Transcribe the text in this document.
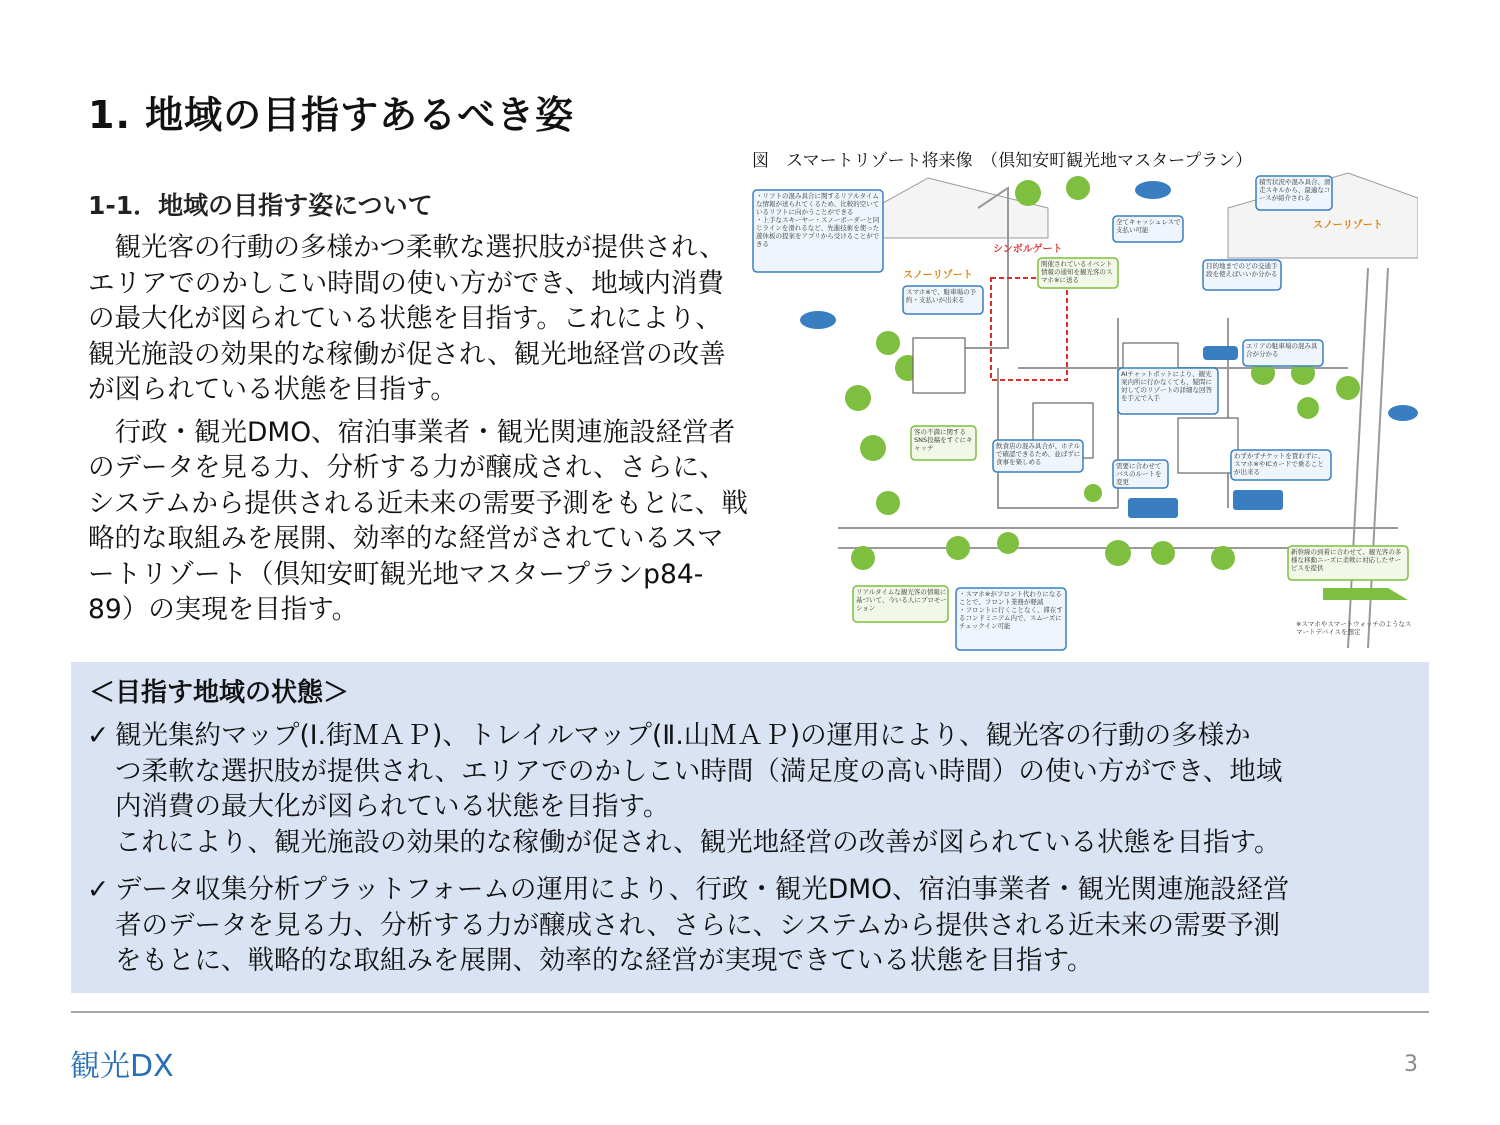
1. 地域の目指すあるべき姿
1-1．地域の目指す姿について

観光客の行動の多様かつ柔軟な選択肢が提供され、エリアでのかしこい時間の使い方ができ、地域内消費の最大化が図られている状態を目指す。これにより、観光施設の効果的な稼働が促され、観光地経営の改善が図られている状態を目指す。

行政・観光DMO、宿泊事業者・観光関連施設経営者のデータを見る力、分析する力が醸成され、さらに、システムから提供される近未来の需要予測をもとに、戦略的な取組みを展開、効率的な経営がされているスマートリゾート（倶知安町観光地マスタープランp84-89）の実現を目指す。

図　スマートリゾート将来像　（倶知安町観光地マスタープラン）
スノーリゾート
スノーリゾート
シンボルゲート
・リフトの混み具合に関するリアルタイムな情報が送られてくるため、比較的空いているリフトに向かうことができる
・上手なスキーヤー・スノーボーダーと同じラインを滑れるなど、先進技術を使った遊休板の提案をアプリから受けることができる
全てキャッシュレスで支払い可能
積雪状況や混み具合、滑走スキルから、最適なコースが紹介される
開催されているイベント情報の通知を観光客のスマホ※に送る
スマホ※で、駐車場の予約・支払いが出来る
目的地までのどの交通手段を使えばいいか分かる
エリアの駐車場の混み具合が分かる
AIチャットボットにより、観光案内所に行かなくても、疑問に対してのリゾートの詳細な回答を手元で入手
客の不満に関するSNS投稿をすぐにキャッチ	飲食店の混み具合が、ホテルで確認できるため、並ばずに食事を楽しめる	需要に合わせてバスのルートを変更
わずかずチケットを買わずに、スマホ※やICカードで乗ることが出来る
リアルタイムな観光客の情報に基づいて、今いる人にプロモーション
・スマホ※がフロント代わりになることで、フロント業務が軽減
・フロントに行くことなく、滞在するコンドミニアム内で、スムーズにチェックイン可能
新幹線の到着に合わせて、観光客の多様な移動ニーズに柔軟に対応したサービスを提供
※スマホやスマートウォッチのようなスマートデバイスを想定
＜目指す地域の状態＞
✓ 観光集約マップ(Ⅰ.街ＭＡＰ)、トレイルマップ(Ⅱ.山ＭＡＰ)の運用により、観光客の行動の多様か
つ柔軟な選択肢が提供され、エリアでのかしこい時間（満足度の高い時間）の使い方ができ、地域
内消費の最大化が図られている状態を目指す。
これにより、観光施設の効果的な稼働が促され、観光地経営の改善が図られている状態を目指す。
✓ データ収集分析プラットフォームの運用により、行政・観光DMO、宿泊事業者・観光関連施設経営
者のデータを見る力、分析する力が醸成され、さらに、システムから提供される近未来の需要予測
をもとに、戦略的な取組みを展開、効率的な経営が実現できている状態を目指す。
観光DX	3
